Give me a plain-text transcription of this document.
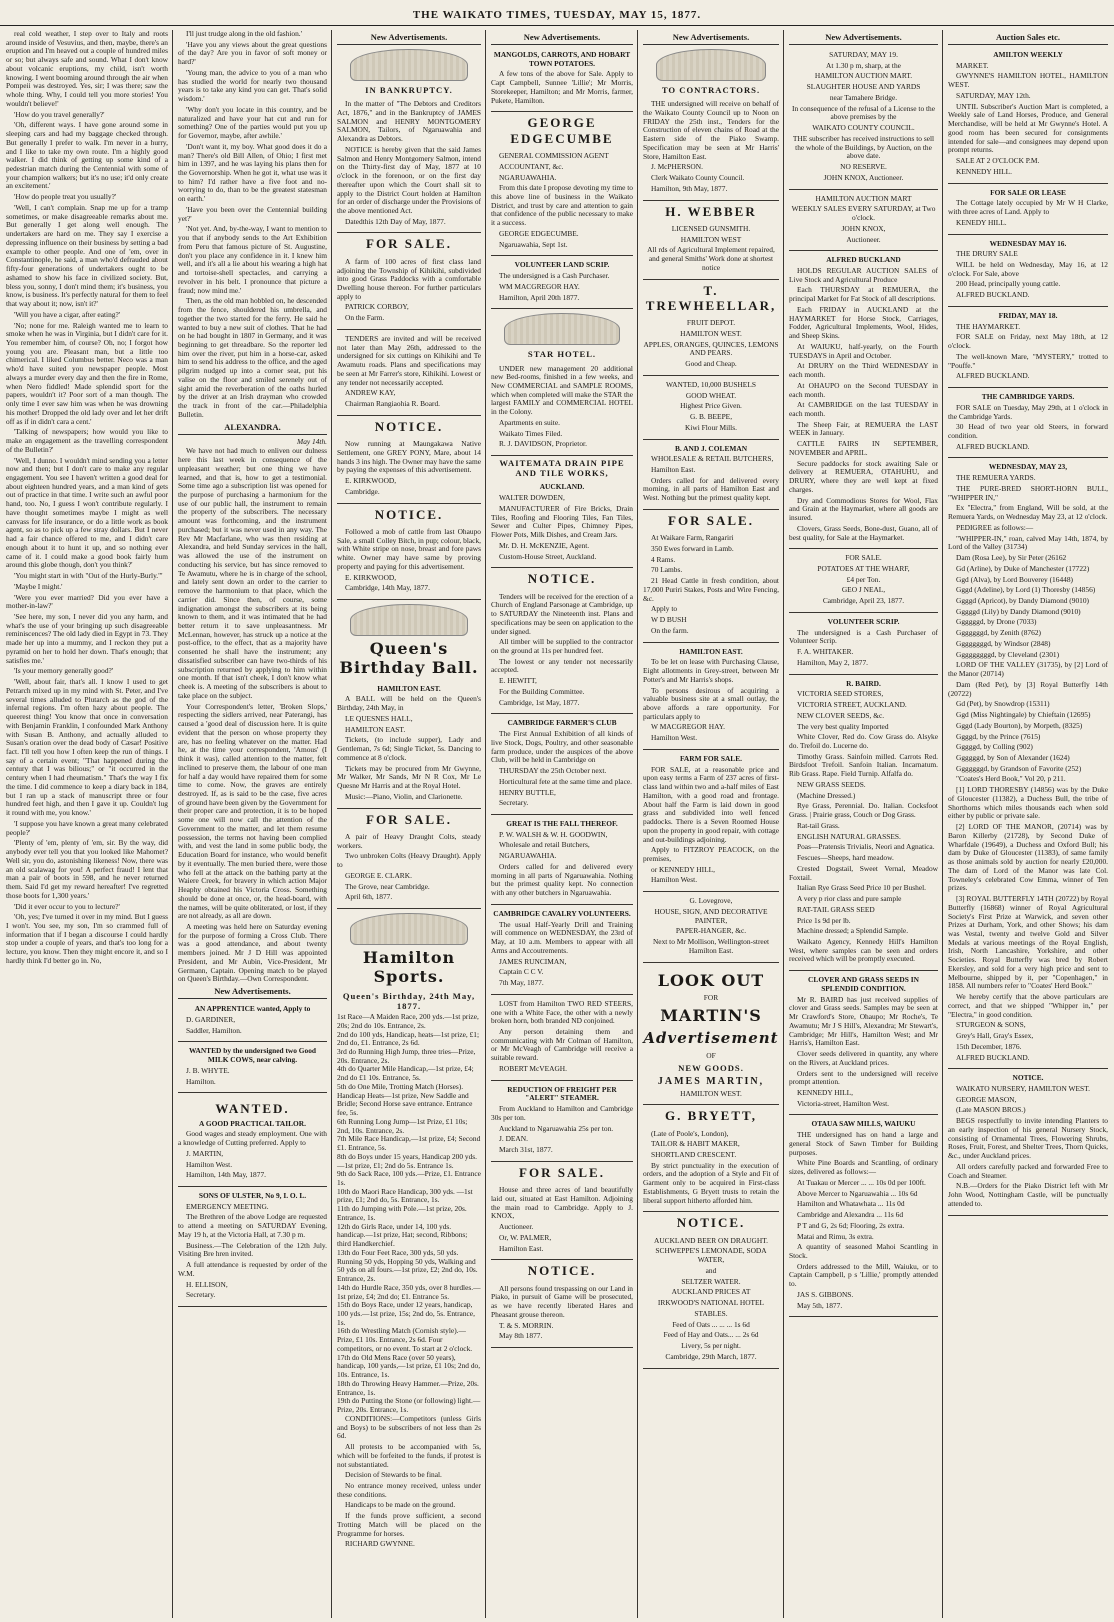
THE WAIKATO TIMES, TUESDAY, MAY 15, 1877.

real cold weather, I step over to Italy and roots around inside of Vesuvius, and then, maybe, there's an eruption and I'm heaved out a couple of hundred miles or so; but always safe and sound. What I don't know about volcanic eruptions, my child, isn't worth knowing. I went booming around through the air when Pompeii was destroyed. Yes, sir; I was there; saw the whole thing. Why, I could tell you more stories! You wouldn't believe!'

'How do you travel generally?'

'Oh, different ways. I have gone around some in sleeping cars and had my baggage checked through. But generally I prefer to walk. I'm never in a hurry, and I like to take my own route. I'm a highly good walker. I did think of getting up some kind of a pedestrian match during the Centennial with some of your champion walkers; but it's no use; it'd only create an excitement.'

'How do people treat you usually?'

'Well, I can't complain. Snap me up for a tramp sometimes, or make disagreeable remarks about me. But generally I get along well enough. The undertakers are hard on me. They say I exercise a depressing influence on their business by setting a bad example to other people. And one of 'em, over in Constantinople, he said, a man who'd defrauded about fifty-four generations of undertakers ought to be ashamed to show his face in civilized society. But, bless you, sonny, I don't mind them; it's business, you know, is business. It's perfectly natural for them to feel that way about it; now, isn't it?'

'Will you have a cigar, after eating?'

'No; none for me. Raleigh wanted me to learn to smoke when he was in Virginia, but I didn't care for it. You remember him, of course? Oh, no; I forgot how young you are. Pleasant man, but a little too chimerical. I liked Columbus better. Neco was a man who'd have suited you newspaper people. Most always a murder every day and then the fire in Rome, when Nero fiddled! Made splendid sport for the papers, wouldn't it? Poor sort of a man though. The only time I ever saw him was when he was drowning his mother! Dropped the old lady over and let her drift off as if in didn't cara a cent.'

'Talking of newspapers; how would you like to make an engagement as the travelling correspondent of the Bulletin?'

'Well, I dunno. I wouldn't mind sending you a letter now and then; but I don't care to make any regular engagement. You see I haven't written a good deal for about eighteen hundred years, and a man kind of gets out of practice in that time. I write such an awful poor hand, too. No, I guess I won't contribute regularly. I have thought sometimes maybe I might as well canvass for life insurance, or do a little work as book agent, so as to pick up a few stray dollars. But I never had a fair chance offered to me, and I didn't care enough about it to hunt it up, and so nothing ever came of it. I could make a good book fairly hum around this globe though, don't you think?'

'You might start in with "Out of the Hurly-Burly."'

'Maybe I might.'

'Were you ever married? Did you ever have a mother-in-law?'

'See here, my son, I never did you any harm, and what's the use of your bringing up such disagreeable reminiscences? The old lady died in Egypt in 73. They made her up into a mummy, and I reckon they put a pyramid on her to hold her down. That's enough; that satisfies me.'

'Is your memory generally good?'

'Well, about fair, that's all. I know I used to get Petrarch mixed up in my mind with St. Peter, and I've several times alluded to Plutarch as the god of the infernal regions. I'm often hazy about people. The queerest thing! You know that once in conversation with Benjamin Franklin, I confounded Mark Anthony with Susan B. Anthony, and actually alluded to Susan's oration over the dead body of Cæsar! Positive fact. I'll tell you how I often keep the run of things. I say of a certain event; "That happened during the century that I was bilious;" or "it occurred in the century when I had rheumatism." That's the way I fix the time. I did commence to keep a diary back in 184, but I ran up a stack of manuscript three or four hundred feet high, and then I gave it up. Couldn't lug it round with me, you know.'

'I suppose you have known a great many celebrated people?'

'Plenty of 'em, plenty of 'em, sir. By the way, did anybody ever tell you that you looked like Mahomet? Well sir, you do, astonishing likeness! Now, there was an old scalawag for you! A perfect fraud! I lent that man a pair of boots in 598, and he never returned them. Said I'd get my reward hereafter! I've regretted those boots for 1,300 years.'

'Did it ever occur to you to lecture?'

'Oh, yes; I've turned it over in my mind. But I guess I won't. You see, my son, I'm so crammed full of information that if I began a discourse I could hardly stop under a couple of years, and that's too long for a lecture, you know. Then they might encore it, and so I hardly think I'd better go in. No,

I'll just trudge along in the old fashion.'

'Have you any views about the great questions of the day? Are you in favor of soft money or hard?'

'Young man, the advice to you of a man who has studied the world for nearly two thousand years is to take any kind you can get. That's solid wisdom.'

'Why don't you locate in this country, and be naturalized and have your hat cut and run for something? One of the parties would put you up for Governor, maybe, after awhile.'

'Don't want it, my boy. What good does it do a man? There's old Bill Allen, of Ohio; I first met him in 1397, and he was laying his plans then for the Governorship. When he got it, what use was it to him? I'd rather have a five foot and no-worrying to do, than to be the greatest statesman on earth.'

'Have you been over the Centennial building yet?'

'Not yet. And, by-the-way, I want to mention to you that if anybody sends to the Art Exhibition from Peru that famous picture of St. Augustine, don't you place any confidence in it. I knew him well, and it's all a lie about his wearing a high hat and tortoise-shell spectacles, and carrying a revolver in his belt. I pronounce that picture a fraud; now mind me.'

Then, as the old man hobbled on, he descended from the fence, shouldered his umbrella, and together the two started for the ferry. He said he wanted to buy a new suit of clothes. That he had on he had bought in 1807 in Germany, and it was beginning to get threadbare. So the reporter led him over the river, put him in a horse-car, asked him to send his address to the office, and the aged pilgrim nudged up into a corner seat, put his valise on the floor and smiled serenely out of sight amid the reverberation of the oaths hurled by the driver at an Irish drayman who crowded the track in front of the car.—Philadelphia Bulletin.

ALEXANDRA.
May 14th.

We have not had much to enliven our dulness here this last week in consequence of the unpleasant weather; but one thing we have learned, and that is, how to get a testimonial. Some time ago a subscription list was opened for the purpose of purchasing a harmonium for the use of our public hall, the instrument to remain the property of the subscribers. The necessary amount was forthcoming, and the instrument purchased; but it was never used in any way. The Rev Mr Macfarlane, who was then residing at Alexandra, and held Sunday services in the hall, was allowed the use of the instrument on conducting his service, but has since removed to Te Awamutu, where he is in charge of the school, and lately sent down an order to the carrier to remove the harmonium to that place, which the carrier did. Since then, of course, some indignation amongst the subscribers at its being known to them, and it was intimated that he had better return it to save unpleasantness. Mr McLennan, however, has struck up a notice at the post-office, to the effect, that as a majority have consented he shall have the instrument; any dissatisfied subscriber can have two-thirds of his subscription returned by applying to him within one month. If that isn't cheek, I don't know what cheek is. A meeting of the subscribers is about to take place on the subject.

Your Correspondent's letter, 'Broken Slops,' respecting the sidlers arrived, near Paterangi, has caused a 'good deal of discussion here. It is quite evident that the person on whose property they are, has no feeling whatever on the matter. Had he, at the time your correspondent, 'Amous' (I think it was), called attention to the matter, felt inclined to preserve them, the labour of one man for half a day would have repaired them for some time to come. Now, the graves are entirely destroyed. If, as is said to be the case, five acres of ground have been given by the Government for their proper care and protection, it is to be hoped some one will now call the attention of the Government to the matter, and let them resume possession, the terms not having been complied with, and vest the land in some public body, the Education Board for instance, who would benefit by it eventually. The men buried there, were those who fell at the attack on the bathing party at the Waiere Creek, for bravery in which action Major Heaphy obtained his Victoria Cross. Something should be done at once, or, the head-board, with the names, will be quite obliterated, or lost, if they are not already, as all are down.

A meeting was held here on Saturday evening for the purpose of forming a Cross Club. There was a good attendance, and about twenty members joined. Mr J D Hill was appointed President, and Mr Aubin, Vice-President, Mr Germann, Captain. Opening match to be played on Queen's Birthday.—Own Correspondent.

New Advertisements.

AN APPRENTICE wanted, Apply to

D. GARDINER,

Saddler, Hamilton.

WANTED by the undersigned two Good MILK COWS, near calving.

J. B. WHYTE.

Hamilton.

WANTED.

A GOOD PRACTICAL TAILOR.

Good wages and steady employment. One with a knowledge of Cutting preferred. Apply to

J. MARTIN,

Hamilton West.

Hamilton, 14th May, 1877.

SONS OF ULSTER, No 9, I. O. L.

EMERGENCY MEETING.

The Brethren of the above Lodge are requested to attend a meeting on SATURDAY Evening, May 19 h, at the Victoria Hall, at 7.30 p m.

Business.—The Celebration of the 12th July. Visiting Bre hren invited.

A full attendance is requested by order of the W.M.

H. ELLISON,

Secretary.

New Advertisements.
IN BANKRUPTCY.

In the matter of "The Debtors and Creditors Act, 1876," and in the Bankruptcy of JAMES SALMON and HENRY MONTGOMERY SALMON, Tailors, of Ngaruawahia and Alexandra as Debtors.

NOTICE is hereby given that the said James Salmon and Henry Montgomery Salmon, intend on the Thirty-first day of May, 1877 at 10 o'clock in the forenoon, or on the first day thereafter upon which the Court shall sit to apply to the District Court holden at Hamilton for an order of discharge under the Provisions of the above mentioned Act.

Datedthis 12th Day of May, 1877.

FOR SALE.

A farm of 100 acres of first class land adjoining the Township of Kihikihi, subdivided into good Grass Paddocks with a comfortable Dwelling house thereon. For further particulars apply to

PATRICK CORBOY,

On the Farm.

TENDERS are invited and will be received not later than May 26th, addressed to the undersigned for six cuttings on Kihikihi and Te Awamutu roads. Plans and specifications may be seen at Mr Farrer's store, Kihikihi. Lowest or any tender not necessarily accepted.

ANDREW KAY,

Chairman Rangiaohia R. Board.

NOTICE.

Now running at Maungakawa Native Settlement, one GREY PONY, Mare, about 14 hands 3 ins high. The Owner may have the same by paying the expenses of this advertisement.

E. KIRKWOOD,

Cambridge.

NOTICE.

Followed a mob of cattle from last Ohaupo Sale, a small Colley Bitch, in pup; colour, black, with White stripe on nose, breast and fore paws white. Owner may have same by proving property and paying for this advertisement.

E. KIRKWOOD,

Cambridge, 14th May, 1877.

Queen's Birthday Ball.

HAMILTON EAST.

A BALL will be held on the Queen's Birthday, 24th May, in

LE QUESNES HALL,

HAMILTON EAST.

Tickets, (to include supper), Lady and Gentleman, 7s 6d; Single Ticket, 5s. Dancing to commence at 8 o'clock.

Tickets may be procured from Mr Gwynne, Mr Walker, Mr Sands, Mr N R Cox, Mr Le Quesne Mr Harris and at the Royal Hotel.

Music:—Piano, Violin, and Clarionette.

FOR SALE.

A pair of Heavy Draught Colts, steady workers.

Two unbroken Colts (Heavy Draught). Apply to

GEORGE E. CLARK.

The Grove, near Cambridge.

April 6th, 1877.

Hamilton Sports.
Queen's Birthday, 24th May, 1877.
1st Race—A Maiden Race, 200 yds.—1st prize, 20s; 2nd do 10s. Entrance, 2s.
2nd do 100 yds, Handicap, heats—1st prize, £1; 2nd do, £1. Entrance, 2s 6d.
3rd do Running High Jump, three tries—Prize, 20s. Entrance, 2s.
4th do Quarter Mile Handicap,—1st prize, £4; 2nd do £1 10s. Entrance, 5s.
5th do One Mile, Trotting Match (Horses). Handicap Heats—1st prize, New Saddle and Bridle; Second Horse save entrance. Entrance fee, 5s.
6th Running Long Jump—1st Prize, £1 10s; 2nd, 10s. Entrance, 2s.
7th Mile Race Handicap,—1st prize, £4; Second £1. Entrance, 5s.
8th do Boys under 15 years, Handicap 200 yds.—1st prize, £1; 2nd do 5s. Entrance 1s.
9th do Sack Race, 100 yds.—Prize, £1. Entrance 1s.
10th do Maori Race Handicap, 300 yds. —1st prize, £1; 2nd do, 5s. Entrance, 1s.
11th do Jumping with Pole.—1st prize, 20s. Entrance, 1s.
12th do Girls Race, under 14, 100 yds. handicap.—1st prize, Hat; second, Ribbons; third Handkerchief.
13th do Four Feet Race, 300 yds, 50 yds. Running 50 yds, Hopping 50 yds, Walking and 50 yds on all fours.—1st prize, £2; 2nd do, 10s. Entrance, 2s.
14th do Hurdle Race, 350 yds, over 8 hurdles.—1st prize, £4; 2nd do; £1. Entrance 5s.
15th do Boys Race, under 12 years, handicap, 100 yds.—1st prize, 15s; 2nd do, 5s. Entrance, 1s.
16th do Wrestling Match (Cornish style).—Prize, £1 10s. Entrance, 2s 6d. Four competitors, or no event. To start at 2 o'clock.
17th do Old Mens Race (over 50 years), handicap, 100 yards,—1st prize, £1 10s; 2nd do, 10s. Entrance, 1s.
18th do Throwing Heavy Hammer.—Prize, 20s. Entrance, 1s.
19th do Putting the Stone (or following) light.—Prize, 20s. Entrance, 1s.

CONDITIONS:—Competitors (unless Girls and Boys) to be subscribers of not less than 2s 6d.

All protests to be accompanied with 5s, which will be forfeited to the funds, if protest is not substantiated.

Decision of Stewards to be final.

No entrance money received, unless under these conditions.

Handicaps to be made on the ground.

If the funds prove sufficient, a second Trotting Match will be placed on the Programme for horses.

RICHARD GWYNNE.

New Advertisements.

MANGOLDS, CARROTS, AND HOBART TOWN POTATOES.

A few tons of the above for Sale. Apply to Capt Campbell, Sunnee 'Lillie'; Mr Morris, Storekeeper, Hamilton; and Mr Morris, farmer, Pukete, Hamilton.

GEORGE EDGECUMBE

GENERAL COMMISSION AGENT

ACCOUNTANT, &c.

NGARUAWAHIA.

From this date I propose devoting my time to this above line of business in the Waikato District, and trust by care and attention to gain that confidence of the public necessary to make it a success.

GEORGE EDGECUMBE.

Ngaruawahia, Sept 1st.

VOLUNTEER LAND SCRIP.

The undersigned is a Cash Purchaser.

WM MACGREGOR HAY.

Hamilton, April 20th 1877.

STAR HOTEL.

UNDER new management 20 additional new Bed-rooms, finished in a few weeks, and New COMMERCIAL and SAMPLE ROOMS, which when completed will make the STAR the largest FAMILY and COMMERCIAL HOTEL in the Colony.

Apartments en suite.

Waikato Times Filed.

R. J. DAVIDSON, Proprietor.

WAITEMATA DRAIN PIPE AND TILE WORKS,

AUCKLAND.

WALTER DOWDEN,

MANUFACTURER of Fire Bricks, Drain Tiles, Roofing and Flooring Tiles, Fan Tiles, Sewer and Culter Pipes, Chimney Pipes, Flower Pots, Milk Dishes, and Cream Jars.

Mr. D. H. McKENZIE, Agent.

Custom-House Street, Auckland.

NOTICE.

Tenders will be received for the erection of a Church of England Parsonage at Cambridge, up to SATURDAY the Nineteenth inst. Plans and specifications may be seen on application to the under signed.

All timber will be supplied to the contractor on the ground at 11s per hundred feet.

The lowest or any tender not necessarily accepted.

E. HEWITT,

For the Building Committee.

Cambridge, 1st May, 1877.

CAMBRIDGE FARMER'S CLUB

The First Annual Exhibition of all kinds of live Stock, Dogs, Poultry, and other seasonable farm produce, under the auspices of the above Club, will be held in Cambridge on

THURSDAY the 25th October next.

Horticultural fete at the same time and place.

HENRY BUTTLE,

Secretary.

GREAT IS THE FALL THEREOF.

P. W. WALSH & W. H. GOODWIN,

Wholesale and retail Butchers,

NGARUAWAHIA.

Orders called for and delivered every morning in all parts of Ngaruawahia. Nothing but the primest quality kept. No connection with any other butchers in Ngaruawahia.

CAMBRIDGE CAVALRY VOLUNTEERS.

The usual Half-Yearly Drill and Training will commence on WEDNESDAY, the 23rd of May, at 10 a.m. Members to appear with all Arms and Accoutrements.

JAMES RUNCIMAN,

Captain C C V.

7th May, 1877.

LOST from Hamilton TWO RED STEERS, one with a White Face, the other with a newly broken horn, both branded ND conjoined.

Any person detaining them and communicating with Mr Colman of Hamilton, or Mr McVeagh of Cambridge will receive a suitable reward.

ROBERT McVEAGH.

REDUCTION OF FREIGHT PER "ALERT" STEAMER.

From Auckland to Hamilton and Cambridge 30s per ton.

Auckland to Ngaruawahia 25s per ton.

J. DEAN.

March 31st, 1877.

FOR SALE.

House and three acres of land beautifully laid out, situated at East Hamilton. Adjoining the main road to Cambridge. Apply to J. KNOX,

Auctioneer.

Or, W. PALMER,

Hamilton East.

NOTICE.

All persons found trespassing on our Land in Piako, in pursuit of Game will be prosecuted, as we have recently liberated Hares and Pheasant grouse thereon.

T. & S. MORRIN.

May 8th 1877.

New Advertisements.
TO CONTRACTORS.

THE undersigned will receive on behalf of the Waikato County Council up to Noon on FRIDAY the 25th inst., Tenders for the Construction of eleven chains of Road at the Eastern side of the Piako Swamp. Specification may be seen at Mr Harris' Store, Hamilton East.

J. McPHERSON.

Clerk Waikato County Council.

Hamilton, 9th May, 1877.

H. WEBBER

LICENSED GUNSMITH.

HAMILTON WEST

All rds of Agricultural Implement repaired, and general Smiths' Work done at shortest notice

T. TREWHEELLAR,

FRUIT DEPOT.

HAMILTON WEST.

APPLES, ORANGES, QUINCES, LEMONS AND PEARS.

Good and Cheap.

WANTED, 10,000 BUSHELS

GOOD WHEAT.

Highest Price Given.

G. B. BEEPE,

Kiwi Flour Mills.

B. AND J. COLEMAN

WHOLESALE & RETAIL BUTCHERS,

Hamilton East.

Orders called for and delivered every morning, in all parts of Hamilton East and West. Nothing but the primest quality kept.

FOR SALE.

At Waikare Farm, Rangariri

350 Ewes forward in Lamb.

4 Rams.

70 Lambs.

21 Head Cattle in fresh condition, about 17,000 Puriri Stakes, Posts and Wire Fencing, &c.

Apply to

W D BUSH

On the farm.

HAMILTON EAST.

To be let on lease with Purchasing Clause, Eight allotments in Grey-street, between Mr Potter's and Mr Harris's shops.

To persons desirous of acquiring a valuable business site at a small outlay, the above affords a rare opportunity. For particulars apply to

W MACGREGOR HAY.

Hamilton West.

FARM FOR SALE.

FOR SALE, at a reasonable price and upon easy terms a Farm of 237 acres of first-class land within two and a-half miles of East Hamilton, with a good road and frontage. About half the Farm is laid down in good grass and subdivided into well fenced paddocks. There is a Seven Roomed House upon the property in good repair, with cottage and out-buildings adjoining.

Apply to FITZROY PEACOCK, on the premises,

or KENNEDY HILL,

Hamilton West.

G. Lovegrove,

HOUSE, SIGN, AND DECORATIVE PAINTER,

PAPER-HANGER, &c.

Next to Mr Mollison, Wellington-street Hamilton East.

LOOK OUT
FOR
MARTIN'S
Advertisement
OF
NEW GOODS.
JAMES MARTIN,
HAMILTON WEST.
G. BRYETT,

(Late of Poole's, London),

TAILOR & HABIT MAKER,

SHORTLAND CRESCENT.

By strict punctuality in the execution of orders, and the adoption of a Style and Fit of Garment only to be acquired in First-class Establishments, G Bryett trusts to retain the liberal support hitherto afforded him.

NOTICE.

AUCKLAND BEER ON DRAUGHT.

SCHWEPPE'S LEMONADE, SODA WATER,

and

SELTZER WATER.

AUCKLAND PRICES AT

IRKWOOD'S NATIONAL HOTEL

STABLES.

Feed of Oats ... ... ... 1s 6d

Feed of Hay and Oats... ... 2s 6d

Livery, 5s per night.

Cambridge, 29th March, 1877.

New Advertisements.

SATURDAY, MAY 19.

At 1.30 p m, sharp, at the

HAMILTON AUCTION MART.

SLAUGHTER HOUSE AND YARDS

near Tamahere Bridge.

In consequence of the refusal of a License to the above premises by the

WAIKATO COUNTY COUNCIL.

THE subscriber has received instructions to sell the whole of the Buildings, by Auction, on the above date.

NO RESERVE.

JOHN KNOX, Auctioneer.

HAMILTON AUCTION MART

WEEKLY SALES EVERY SATURDAY, at Two o'clock.

JOHN KNOX,

Auctioneer.

ALFRED BUCKLAND

HOLDS REGULAR AUCTION SALES of Live Stock and Agricultural Produce

Each THURSDAY at REMUERA, the principal Market for Fat Stock of all descriptions.

Each FRIDAY in AUCKLAND at the HAYMARKET for Horse Stock, Carriages, Fodder, Agricultural Implements, Wool, Hides, and Sheep Skins.

At WAIUKU, half-yearly, on the Fourth TUESDAYS in April and October.

At DRURY on the Third WEDNESDAY in each month.

At OHAUPO on the Second TUESDAY in each month.

At CAMBRIDGE on the last TUESDAY in each month.

The Sheep Fair, at REMUERA the LAST WEEK in January.

CATTLE FAIRS IN SEPTEMBER, NOVEMBER and APRIL.

Secure paddocks for stock awaiting Sale or delivery at REMUERA, OTAHUHU, and DRURY, where they are well kept at fixed charges.

Dry and Commodious Stores for Wool, Flax and Grain at the Haymarket, where all goods are insured.

Clovers, Grass Seeds, Bone-dust, Guano, all of best quality, for Sale at the Haymarket.

FOR SALE.

POTATOES AT THE WHARF,

£4 per Ton.

GEO J NEAL,

Cambridge, April 23, 1877.

VOLUNTEER SCRIP.

The undersigned is a Cash Purchaser of Volunteer Scrip.

F. A. WHITAKER.

Hamilton, May 2, 1877.

R. BAIRD.

VICTORIA SEED STORES,

VICTORIA STREET, AUCKLAND.

NEW CLOVER SEEDS, &c.

The very best quality Imported

White Clover, Red do. Cow Grass do. Alsyke do. Trefoil do. Lucerne do.

Timothy Grass. Sainfoin milled. Carrots Red. Birdsfoot Trefoil. Sanfoin Italian. Incarnatum. Rib Grass. Rape. Field Turnip. Alfalfa do.

NEW GRASS SEEDS.

(Machine Dressed.)

Rye Grass, Perennial. Do. Italian. Cocksfoot Grass. | Prairie grass, Couch or Dog Grass.

Rat-tail Grass.

ENGLISH NATURAL GRASSES.

Poas—Pratensis Trivialis, Neori and Agnatica.

Fescues—Sheeps, hard meadow.

Crested Dogstail, Sweet Vernal, Meadow Foxtail.

Italian Rye Grass Seed Price 10 per Bushel.

A very p rior class and pure sample

RAT-TAIL GRASS SEED

Price 1s 9d per lb.

Machine dressed; a Splendid Sample.

Waikato Agency, Kennedy Hill's Hamilton West, where samples can be seen and orders received which will be promptly executed.

CLOVER AND GRASS SEEDS IN SPLENDID CONDITION.

Mr R. BAIRD has just received supplies of clover and Grass seeds. Samples may be seen at Mr Crawford's Store, Ohaupo; Mr Roche's, Te Awamutu; Mr J S Hill's, Alexandra; Mr Stewart's, Cambridge; Mr Hill's, Hamilton West; and Mr Harris's, Hamilton East.

Clover seeds delivered in quantity, any where on the Rivers, at Auckland prices.

Orders sent to the undersigned will receive prompt attention.

KENNEDY HILL,

Victoria-street, Hamilton West.

OTAUA SAW MILLS, WAIUKU

THE undersigned has on hand a large and general Stock of Sawn Timber for Building purposes.

White Pine Boards and Scantling, of ordinary sizes, delivered as follows:—

At Tuakau or Mercer ... ... 10s 0d per 100ft.

Above Mercer to Ngaruawahia ... 10s 6d

Hamilton and Whatawhata ... 11s 0d

Cambridge and Alexandra ... 11s 6d

P T and G, 2s 6d; Flooring, 2s extra.

Matai and Rimu, 3s extra.

A quantity of seasoned Mahoi Scantling in Stock.

Orders addressed to the Mill, Waiuku, or to Captain Campbell, p s 'Lillie,' promptly attended to.

JAS S. GIBBONS.

May 5th, 1877.

Auction Sales etc.

AMILTON WEEKLY

MARKET.

GWYNNE'S HAMILTON HOTEL, HAMILTON WEST.

SATURDAY, MAY 12th.

UNTIL Subscriber's Auction Mart is completed, a Weekly sale of Land Horses, Produce, and General Merchandise, will be held at Mr Gwynne's Hotel. A good room has been secured for consignments intended for sale—and consignees may depend upon prompt returns.

SALE AT 2 O'CLOCK P.M.

KENNEDY HILL.

FOR SALE OR LEASE

The Cottage lately occupied by Mr W H Clarke, with three acres of Land. Apply to

KENEDY HILL.

WEDNESDAY MAY 16.

THE DRURY SALE

WILL be held on Wednesday, May 16, at 12 o'clock. For Sale, above

200 Head, principally young cattle.

ALFRED BUCKLAND.

FRIDAY, MAY 18.

THE HAYMARKET.

FOR SALE on Friday, next May 18th, at 12 o'clock.

The well-known Mare, "MYSTERY," trotted to "Pouffe."

ALFRED BUCKLAND.

THE CAMBRIDGE YARDS.

FOR SALE on Tuesday, May 29th, at 1 o'clock in the Cambridge Yards.

30 Head of two year old Steers, in forward condition.

ALFRED BUCKLAND.

WEDNESDAY, MAY 23,

THE REMUERA YARDS.

THE PURE-BRED SHORT-HORN BULL, "WHIPPER IN,"

Ex "Electra," from England, Will be sold, at the Remuera Yards, on Wednesday May 23, at 12 o'clock.

PEDIGREE as follows:—

"WHIPPER-IN," roan, calved May 14th, 1874, by Lord of the Valley (31734)

Dam (Rosa Lee), by Sir Peter (26162

Gd (Arline), by Duke of Manchester (17722)

Ggd (Alva), by Lord Bouverey (16448)

Gggd (Adeline), by Lord (1) Thoresby (14856)

Ggggd (Apricot), by Dandy Diamond (9010)

Gggggd (Lily) by Dandy Diamond (9010)

Ggggggd, by Drone (7033)

Gggggggd, by Zenith (8762)

Ggggggggd, by Windsor (2848)

Gggggggggd, by Cleveland (2301)

LORD OF THE VALLEY (31735), by [2] Lord of the Manor (20714)

Dam (Red Pet), by [3] Royal Butterfly 14th (20722)

Gd (Pet), by Snowdrop (15311)

Ggd (Miss Nightingale) by Chieftain (12695)

Gggd (Lady Bourton), by Morpeth, (8325)

Ggggd, by the Prince (7615)

Gggggd, by Colling (902)

Ggggggd, by Son of Alexander (1624)

Gggggggd, by Grandson of Favorite (252)

"Coates's Herd Book," Vol 20, p 211.

[1] LORD THORESBY (14856) was by the Duke of Gloucester (11382), a Duchess Bull, the tribe of Shorthorns which miles thousands each when sold either by public or private sale.

[2] LORD OF THE MANOR, (20714) was by Baron Killerby (21728), by Second Duke of Wharfdale (19649), a Duchess and Oxford Bull; his dam by Duke of Gloucester (11383), of same family as those animals sold by auction for nearly £20,000. The dam of Lord of the Manor was late Col. Towneley's celebrated Cow Emma, winner of Ten prizes.

[3] ROYAL BUTTERFLY 14TH (20722) by Royal Butterfly (16868) winner of Royal Agricultural Society's First Prize at Warwick, and seven other Prizes at Durham, York, and other Shows; his dam was Vestal, twenty and twelve Gold and Silver Medals at various meetings of the Royal English, Irish, North Lancashire, Yorkshire, and other Societies. Royal Butterfly was bred by Robert Ekersley, and sold for a very high price and sent to Melbourne, shipped by it, per "Copenhagen," in 1858. All numbers refer to "Coates' Herd Book."

We hereby certify that the above particulars are correct, and that we shipped "Whipper in," per "Electra," in good condition.

STURGEON & SONS,

Grey's Hall, Gray's Essex,

15th December, 1876.

ALFRED BUCKLAND.

NOTICE.

WAIKATO NURSERY, HAMILTON WEST.

GEORGE MASON,

(Late MASON BROS.)

BEGS respectfully to invite intending Planters to an early inspection of his general Nursery Stock, consisting of Ornamental Trees, Flowering Shrubs, Roses, Fruit, Forest, and Shelter Trees, Thorn Quicks, &c., under Auckland prices.

All orders carefully packed and forwarded Free to Coach and Steamer.

N.B.—Orders for the Piako District left with Mr John Wood, Nottingham Castle, will be punctually attended to.
